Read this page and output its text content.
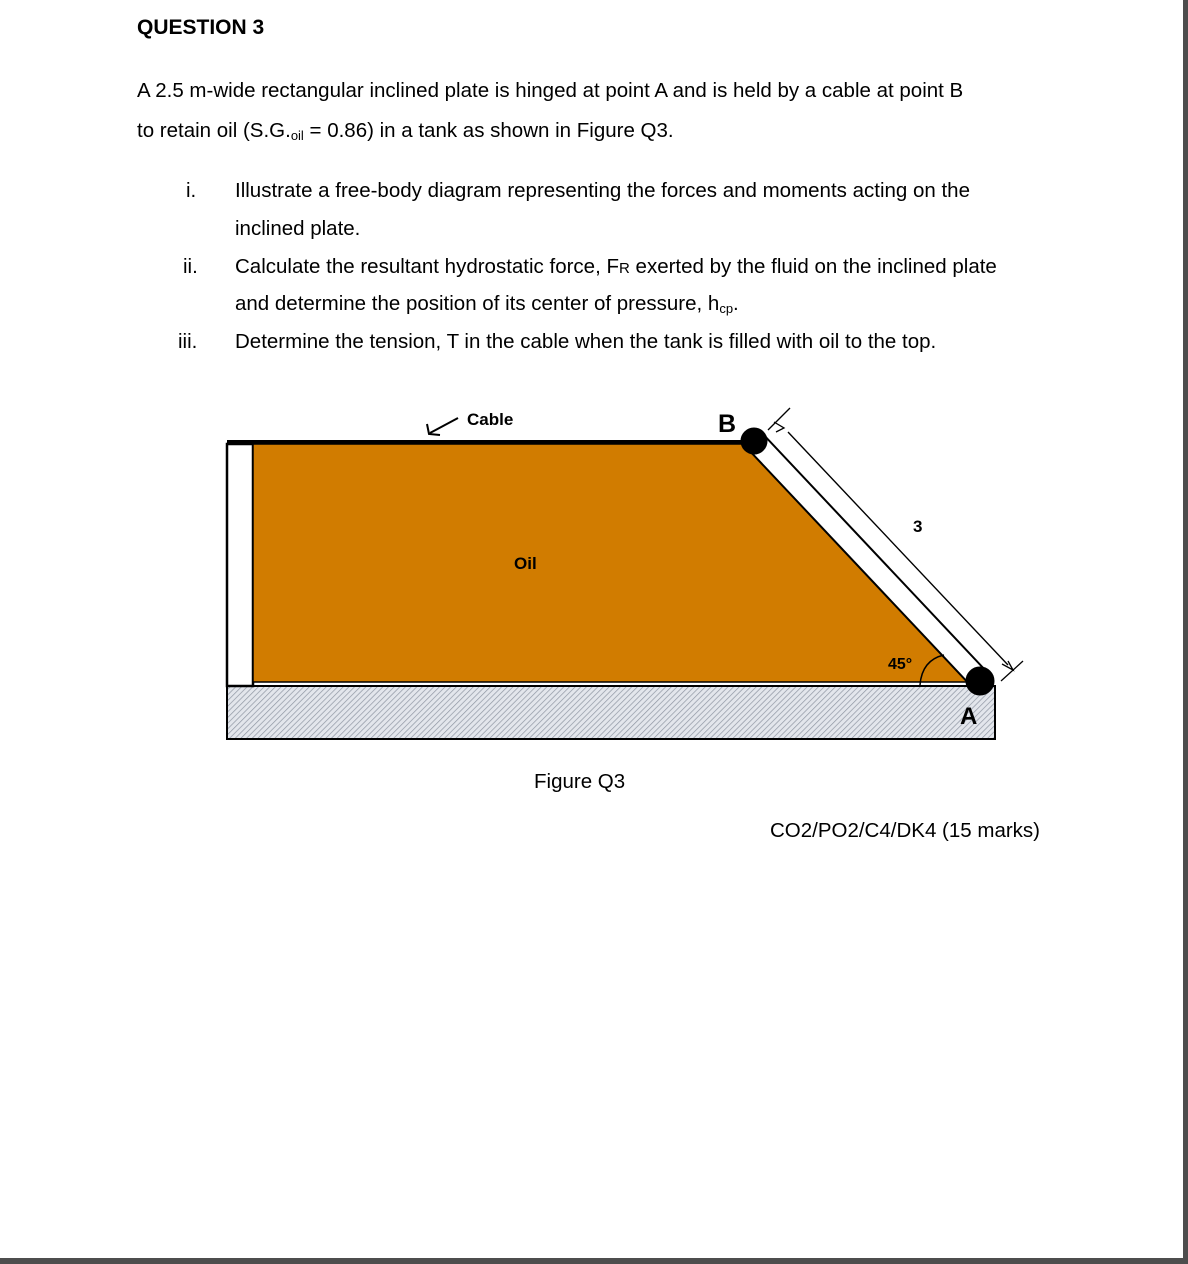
QUESTION 3
A 2.5 m-wide rectangular inclined plate is hinged at point A and is held by a cable at point B
to retain oil $(S.G._{oil} = 0.86)$ in a tank as shown in Figure Q3.
i. Illustrate a free-body diagram representing the forces and moments acting on the
inclined plate.
ii. Calculate the resultant hydrostatic force, FR exerted by the fluid on the inclined plate
and determine the position of its center of pressure, $h_{cp}$.
iii. Determine the tension, T in the cable when the tank is filled with oil to the top.
Cable
Oil
B
A
3
45°
Figure Q3
CO2/PO2/C4/DK4 (15 marks)
